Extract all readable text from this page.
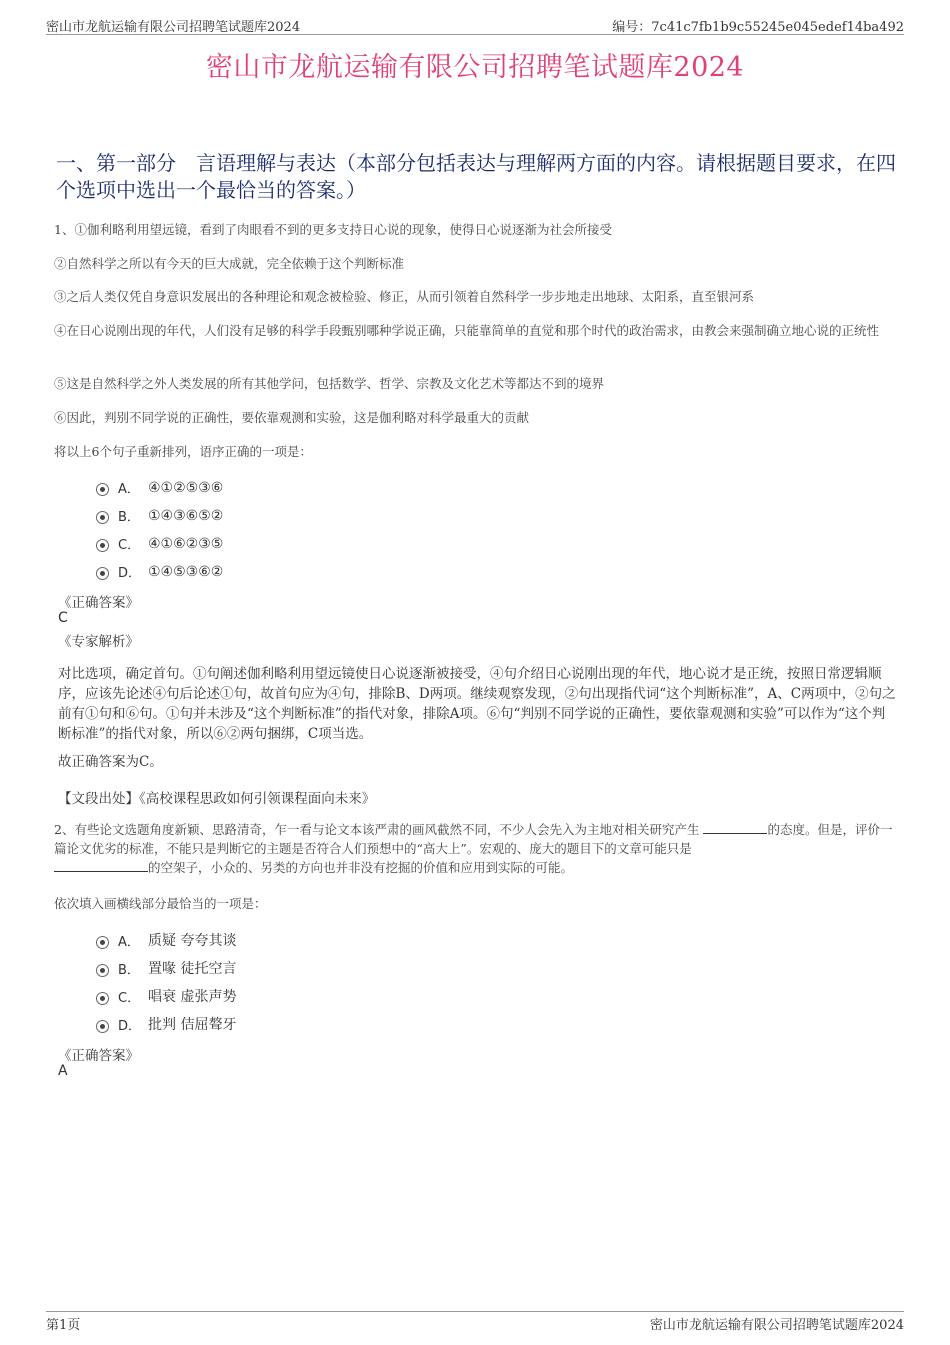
密山市龙航运输有限公司招聘笔试题库2024	编号：7c41c7fb1b9c55245e045edef14ba492
密山市龙航运输有限公司招聘笔试题库2024
一、第一部分　言语理解与表达（本部分包括表达与理解两方面的内容。请根据题目要求，在四个选项中选出一个最恰当的答案。）
1、①伽利略利用望远镜，看到了肉眼看不到的更多支持日心说的现象，使得日心说逐渐为社会所接受
②自然科学之所以有今天的巨大成就，完全依赖于这个判断标准
③之后人类仅凭自身意识发展出的各种理论和观念被检验、修正，从而引领着自然科学一步步地走出地球、太阳系，直至银河系
④在日心说刚出现的年代，人们没有足够的科学手段甄别哪种学说正确，只能靠简单的直觉和那个时代的政治需求，由教会来强制确立地心说的正统性
⑤这是自然科学之外人类发展的所有其他学问，包括数学、哲学、宗教及文化艺术等都达不到的境界
⑥因此，判别不同学说的正确性，要依靠观测和实验，这是伽利略对科学最重大的贡献
将以上6个句子重新排列，语序正确的一项是：
A． ④①②⑤③⑥
B． ①④③⑥⑤②
C． ④①⑥②③⑤
D． ①④⑤③⑥②
《正确答案》
C
《专家解析》
对比选项，确定首句。①句阐述伽利略利用望远镜使日心说逐渐被接受，④句介绍日心说刚出现的年代，地心说才是正统，按照日常逻辑顺序，应该先论述④句后论述①句，故首句应为④句，排除B、D两项。继续观察发现，②句出现指代词“这个判断标准”，A、C两项中，②句之前有①句和⑥句。①句并未涉及“这个判断标准”的指代对象，排除A项。⑥句“判别不同学说的正确性，要依靠观测和实验”可以作为“这个判断标准”的指代对象，所以⑥②两句捆绑，C项当选。
故正确答案为C。
【文段出处】《高校课程思政如何引领课程面向未来》
2、有些论文选题角度新颖、思路清奇，乍一看与论文本该严肃的画风截然不同，不少人会先入为主地对相关研究产生	的态度。但是，评价一篇论文优劣的标准，不能只是判断它的主题是否符合人们预想中的“高大上”。宏观的、庞大的题目下的文章可能只是
的空架子，小众的、另类的方向也并非没有挖掘的价值和应用到实际的可能。
依次填入画横线部分最恰当的一项是：
A． 质疑 夸夸其谈
B． 置喙 徒托空言
C． 唱衰 虚张声势
D． 批判 佶屈聱牙
《正确答案》
A
第1页	密山市龙航运输有限公司招聘笔试题库2024
